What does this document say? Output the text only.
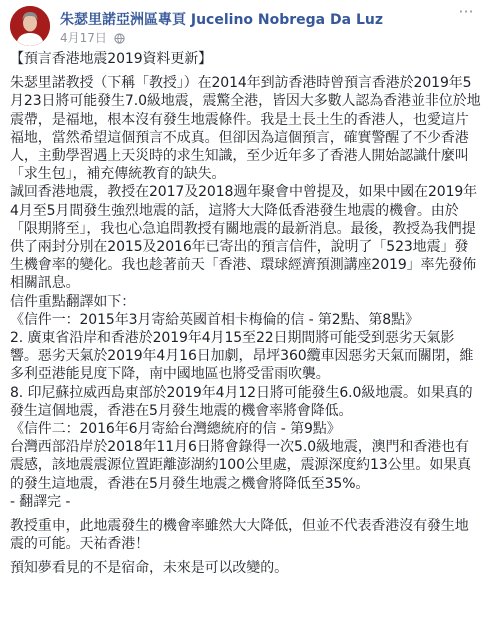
朱瑟里諾亞洲區專頁 Jucelino Nobrega Da Luz
4月17日
···

【預言香港地震2019資料更新】

朱瑟里諾教授（下稱「教授」）在2014年到訪香港時曾預言香港於2019年5月23日將可能發生7.0級地震，震驚全港，皆因大多數人認為香港並非位於地震帶，是福地，根本沒有發生地震條件。我是土長土生的香港人，也愛這片福地，當然希望這個預言不成真。但卻因為這個預言，確實警醒了不少香港人，主動學習遇上天災時的求生知識，至少近年多了香港人開始認識什麼叫「求生包」，補充傳統教育的缺失。

誠回香港地震，教授在2017及2018週年聚會中曾提及，如果中國在2019年4月至5月間發生強烈地震的話，這將大大降低香港發生地震的機會。由於「限期將至」，我也心急追問教授有關地震的最新消息。最後，教授為我們提供了兩封分別在2015及2016年已寄出的預言信件，說明了「523地震」發生機會率的變化。我也趁著前天「香港、環球經濟預測講座2019」率先發佈相關訊息。

信件重點翻譯如下：

《信件一：2015年3月寄給英國首相卡梅倫的信 - 第2點、第8點》

2. 廣東省沿岸和香港於2019年4月15至22日期間將可能受到惡劣天氣影響。惡劣天氣於2019年4月16日加劇，昂坪360纜車因惡劣天氣而關閉，維多利亞港能見度下降，南中國地區也將受雷雨吹襲。

8. 印尼蘇拉威西島東部於2019年4月12日將可能發生6.0級地震。如果真的發生這個地震，香港在5月發生地震的機會率將會降低。

《信件二：2016年6月寄給台灣總統府的信 - 第9點》

台灣西部沿岸於2018年11月6日將會錄得一次5.0級地震，澳門和香港也有震感，該地震震源位置距離澎湖約100公里處，震源深度約13公里。如果真的發生這地震，香港在5月發生地震之機會將降低至35%。

- 翻譯完 -

教授重申，此地震發生的機會率雖然大大降低，但並不代表香港沒有發生地震的可能。天祐香港！

預知夢看見的不是宿命，未來是可以改變的。
